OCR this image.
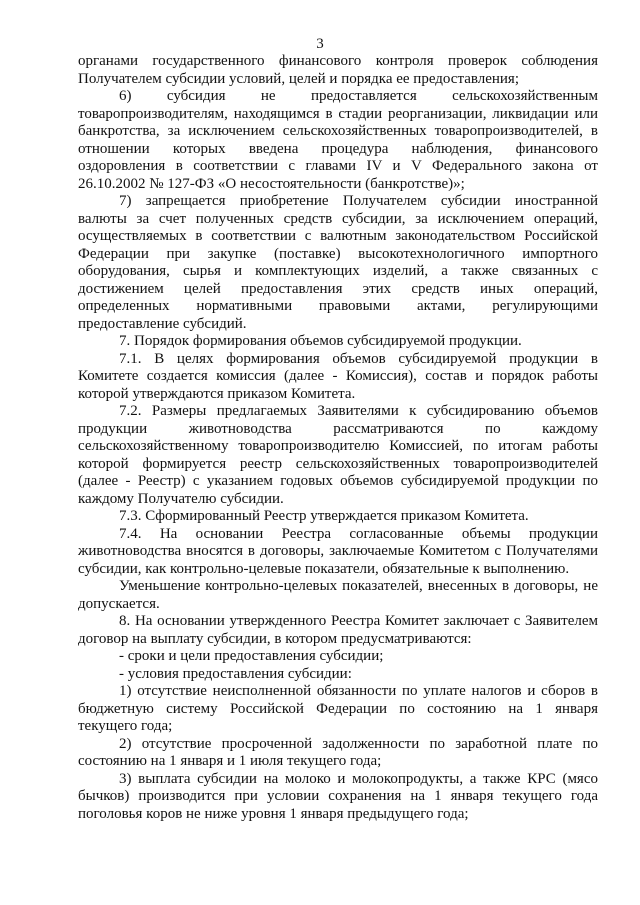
3
органами государственного финансового контроля проверок соблюдения
Получателем субсидии условий, целей и порядка ее предоставления;
6) субсидия не предоставляется сельскохозяйственным
товаропроизводителям, находящимся в стадии реорганизации, ликвидации или
банкротства, за исключением сельскохозяйственных товаропроизводителей, в
отношении которых введена процедура наблюдения, финансового
оздоровления в соответствии с главами IV и V Федерального закона от
26.10.2002 № 127-ФЗ «О несостоятельности (банкротстве)»;
7) запрещается приобретение Получателем субсидии иностранной
валюты за счет полученных средств субсидии, за исключением операций,
осуществляемых в соответствии с валютным законодательством Российской
Федерации при закупке (поставке) высокотехнологичного импортного
оборудования, сырья и комплектующих изделий, а также связанных с
достижением целей предоставления этих средств иных операций,
определенных нормативными правовыми актами, регулирующими
предоставление субсидий.
7. Порядок формирования объемов субсидируемой продукции.
7.1. В целях формирования объемов субсидируемой продукции в
Комитете создается комиссия (далее - Комиссия), состав и порядок работы
которой утверждаются приказом Комитета.
7.2. Размеры предлагаемых Заявителями к субсидированию объемов
продукции животноводства рассматриваются по каждому
сельскохозяйственному товаропроизводителю Комиссией, по итогам работы
которой формируется реестр сельскохозяйственных товаропроизводителей
(далее - Реестр) с указанием годовых объемов субсидируемой продукции по
каждому Получателю субсидии.
7.3. Сформированный Реестр утверждается приказом Комитета.
7.4. На основании Реестра согласованные объемы продукции
животноводства вносятся в договоры, заключаемые Комитетом с Получателями
субсидии, как контрольно-целевые показатели, обязательные к выполнению.
Уменьшение контрольно-целевых показателей, внесенных в договоры, не
допускается.
8. На основании утвержденного Реестра Комитет заключает с Заявителем
договор на выплату субсидии, в котором предусматриваются:
- сроки и цели предоставления субсидии;
- условия предоставления субсидии:
1) отсутствие неисполненной обязанности по уплате налогов и сборов в
бюджетную систему Российской Федерации по состоянию на 1 января
текущего года;
2) отсутствие просроченной задолженности по заработной плате по
состоянию на 1 января и 1 июля текущего года;
3) выплата субсидии на молоко и молокопродукты, а также КРС (мясо
бычков) производится при условии сохранения на 1 января текущего года
поголовья коров не ниже уровня 1 января предыдущего года;
